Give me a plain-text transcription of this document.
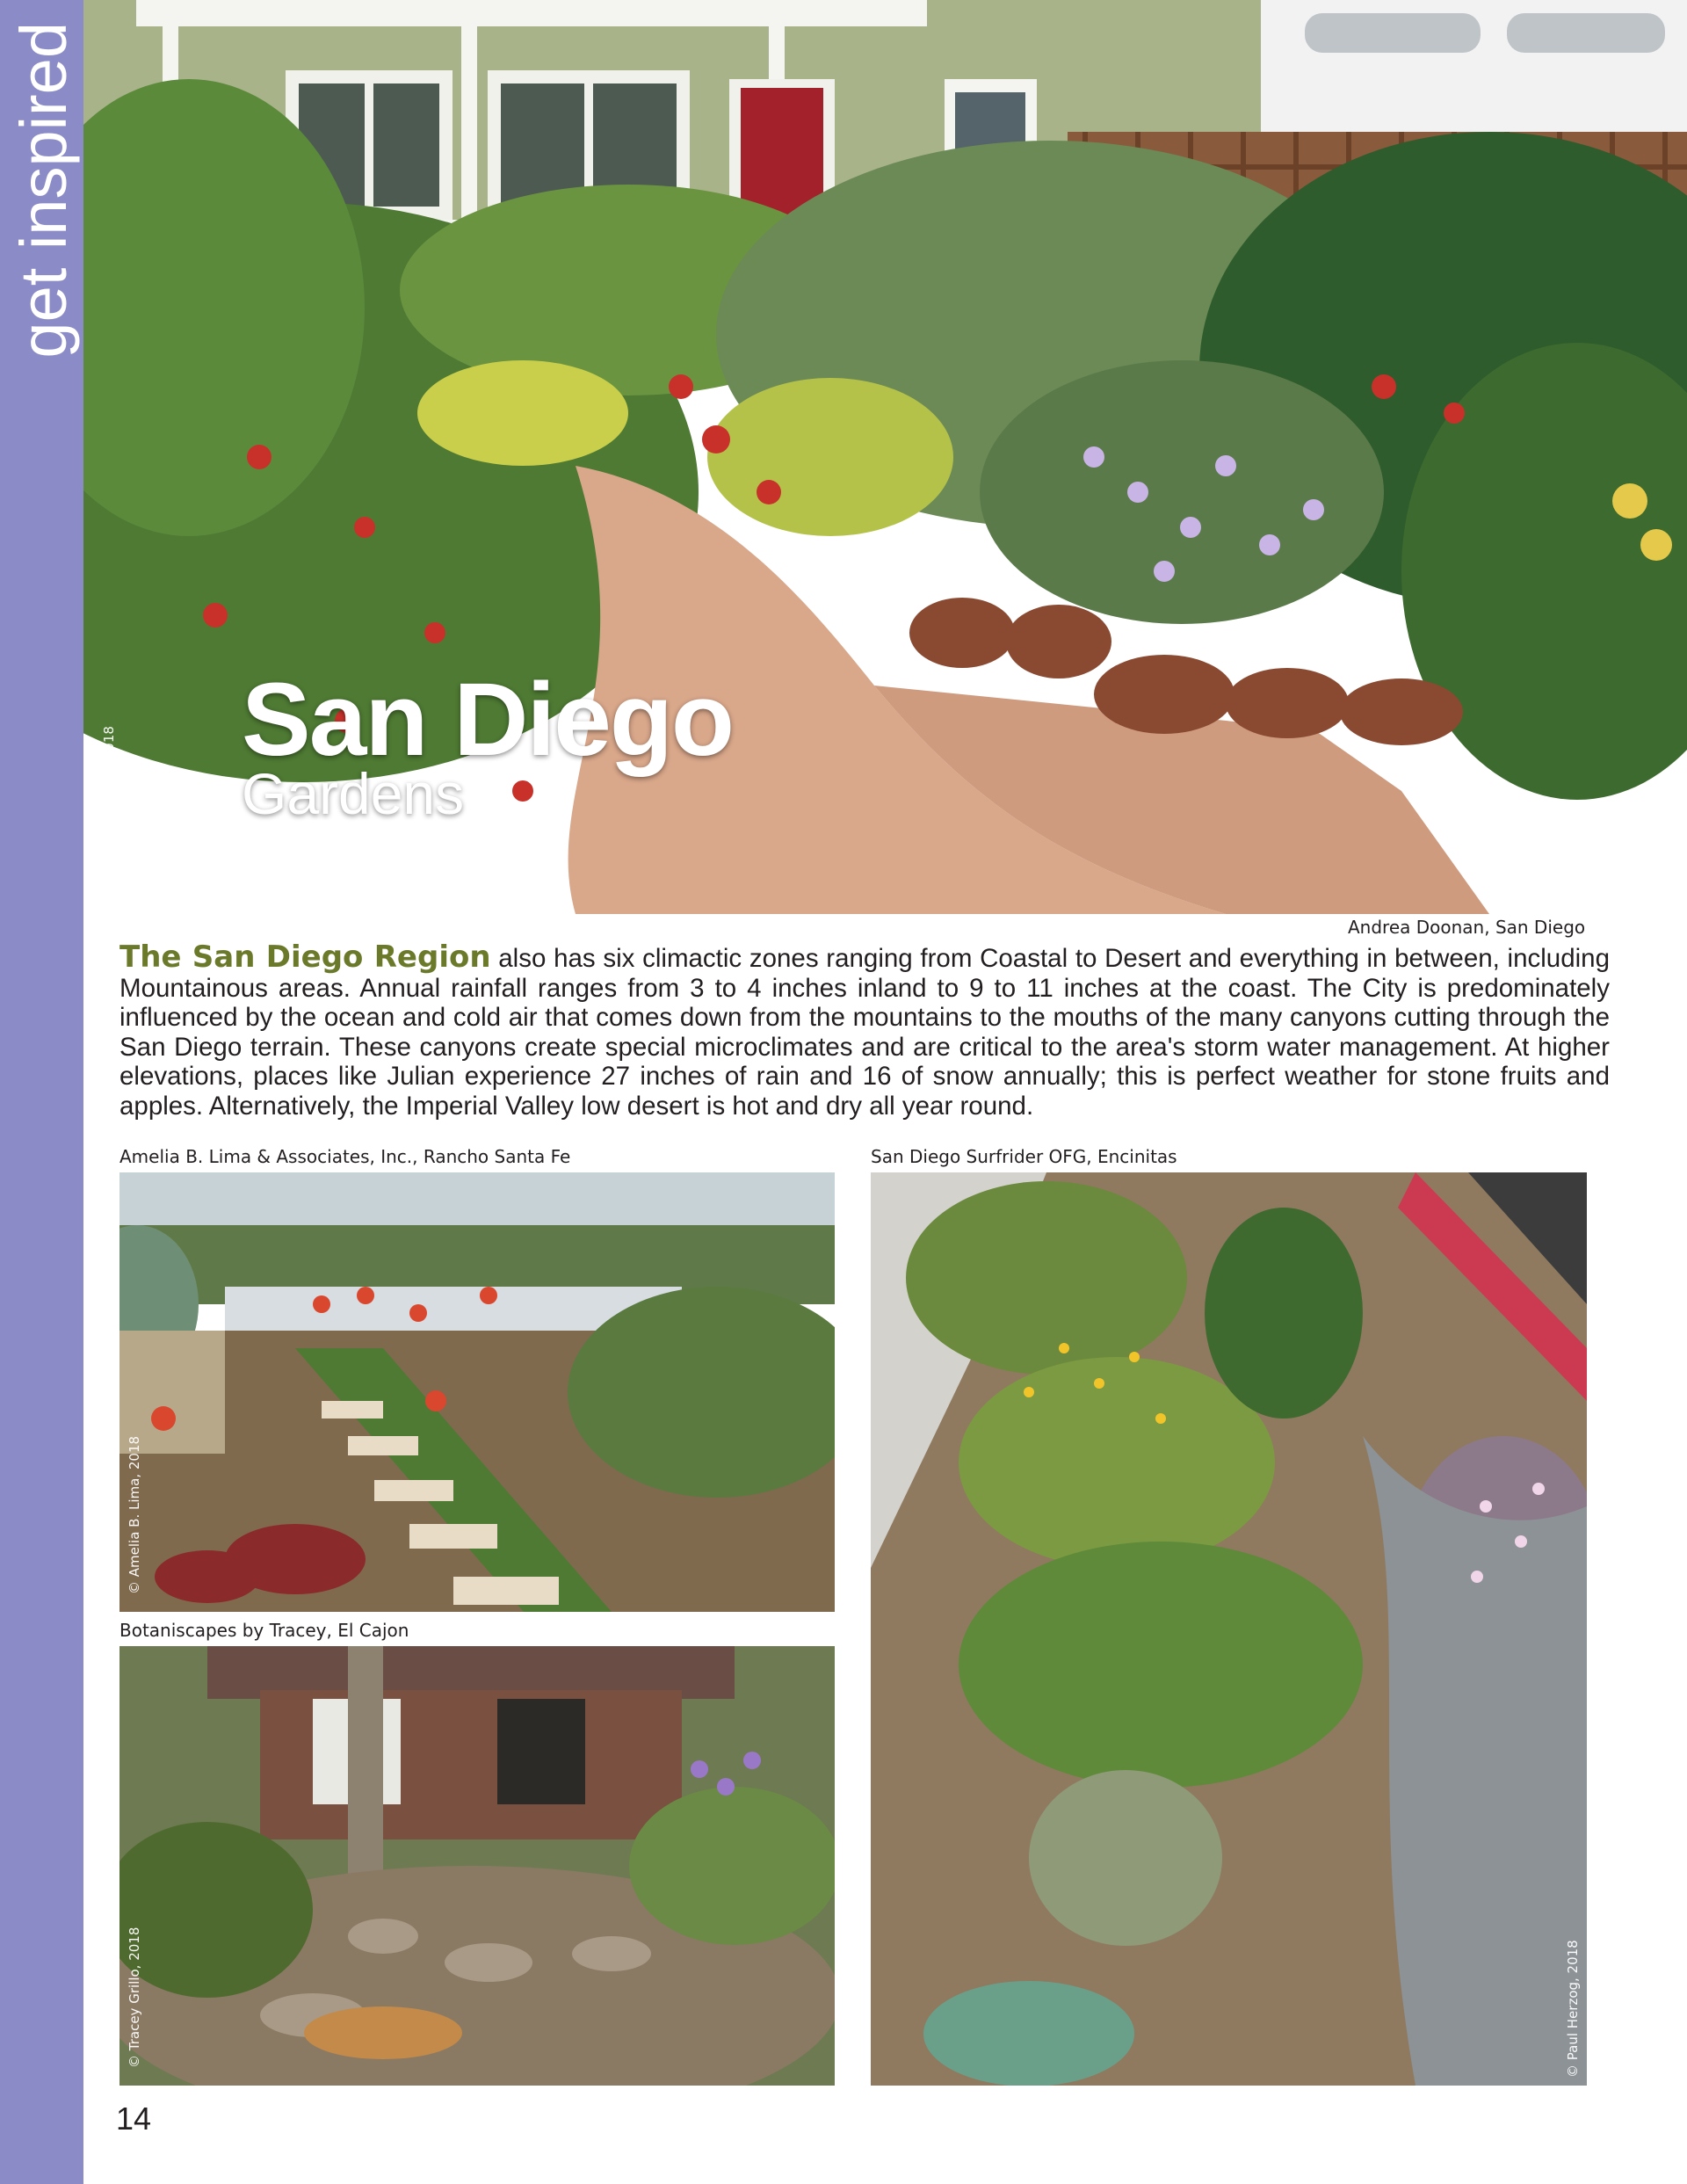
get inspired
San Diego
Gardens
© Andrea Doonan, 2018
Andrea Doonan, San Diego
The San Diego Region also has six climactic zones ranging from Coastal to Desert and everything in between, including Mountainous areas. Annual rainfall ranges from 3 to 4 inches inland to 9 to 11 inches at the coast. The City is predominately influenced by the ocean and cold air that comes down from the mountains to the mouths of the many canyons cutting through the San Diego terrain. These canyons create special microclimates and are critical to the area's storm water management. At higher elevations, places like Julian experience 27 inches of rain and 16 of snow annually; this is perfect weather for stone fruits and apples. Alternatively, the Imperial Valley low desert is hot and dry all year round.
Amelia B. Lima & Associates, Inc., Rancho Santa Fe
© Amelia B. Lima, 2018
Botaniscapes by Tracey, El Cajon
© Tracey Grillo, 2018
San Diego Surfrider OFG, Encinitas
© Paul Herzog, 2018
14
